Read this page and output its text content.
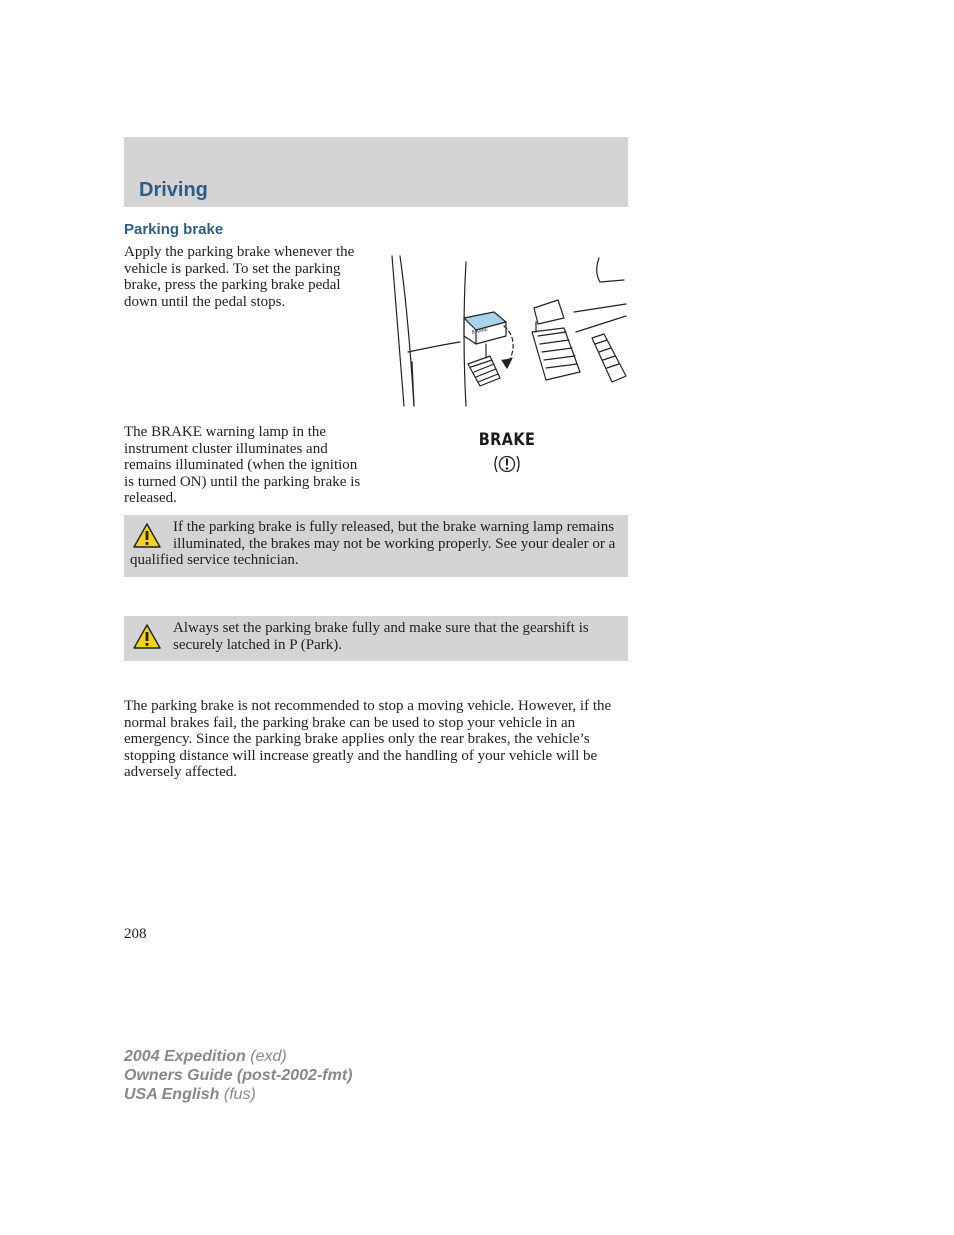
Driving
Parking brake

Apply the parking brake whenever the vehicle is parked. To set the parking brake, press the parking brake pedal down until the pedal stops.

BRAKE

The BRAKE warning lamp in the instrument cluster illuminates and remains illuminated (when the ignition is turned ON) until the parking brake is released.

BRAKE

If the parking brake is fully released, but the brake warning lamp remains illuminated, the brakes may not be working properly. See your dealer or a qualified service technician.

Always set the parking brake fully and make sure that the gearshift is securely latched in P (Park).

The parking brake is not recommended to stop a moving vehicle. However, if the normal brakes fail, the parking brake can be used to stop your vehicle in an emergency. Since the parking brake applies only the rear brakes, the vehicle’s stopping distance will increase greatly and the handling of your vehicle will be adversely affected.

208
2004 Expedition (exd)
Owners Guide (post-2002-fmt)
USA English (fus)
